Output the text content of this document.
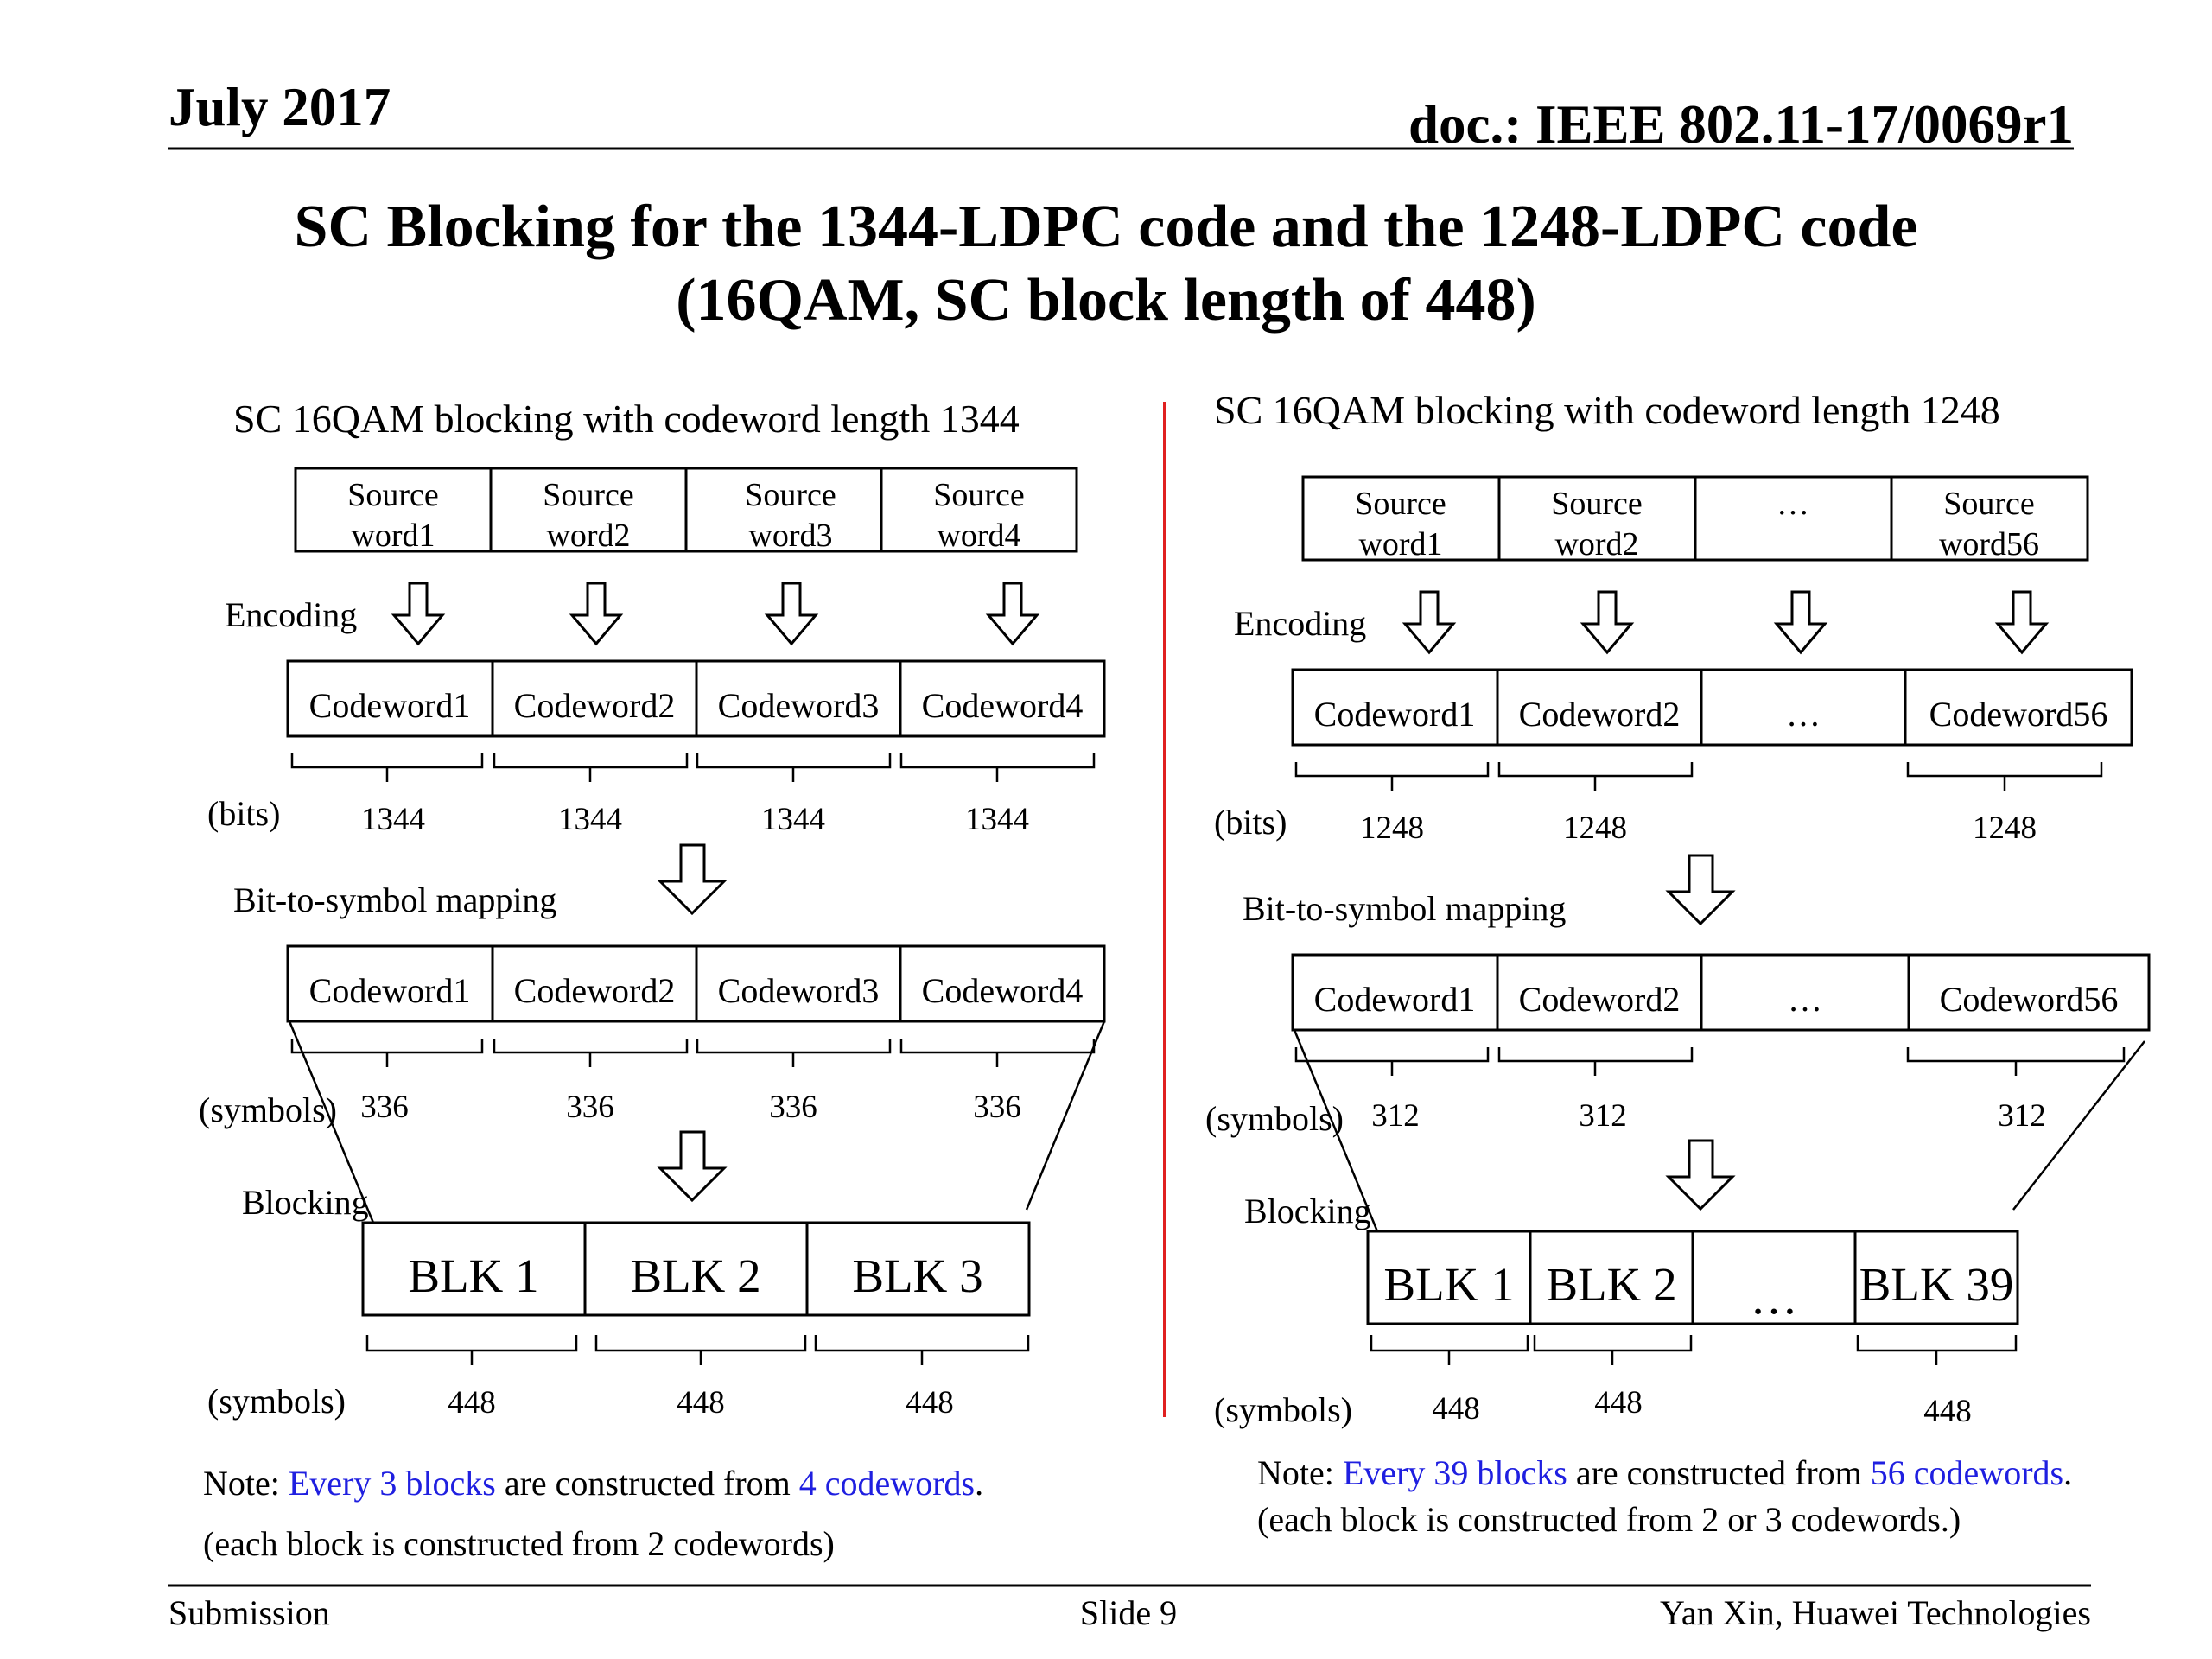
July 2017	doc.: IEEE 802.11-17/0069r1
SC Blocking for the 1344-LDPC code and the 1248-LDPC code
(16QAM, SC block length of 448)
SC 16QAM blocking with codeword length 1344
Source
word1
Source
word2
Source
word3
Source
word4
Encoding
Codeword1 Codeword2 Codeword3 Codeword4
(bits)	1344	1344	1344	1344
Bit-to-symbol mapping
Codeword1 Codeword2 Codeword3 Codeword4
(symbols) 336	336	336	336
Blocking
BLK 1 BLK 2 BLK 3
(symbols)	448	448	448
Note: Every 3 blocks are constructed from 4 codewords.
(each block is constructed from 2 codewords)
SC 16QAM blocking with codeword length 1248
Source
word1
Source
word2
…	Source
word56
Encoding
Codeword1 Codeword2	…	Codeword56
(bits) 1248	1248	1248
Bit-to-symbol mapping
Codeword1 Codeword2	…	Codeword56
(symbols) 312	312	312
Blocking
BLK 1 BLK 2 … BLK 39
(symbols) 448	448	448
Note: Every 39 blocks are constructed from 56 codewords.
(each block is constructed from 2 or 3 codewords.)
Submission	Slide 9	Yan Xin, Huawei Technologies
